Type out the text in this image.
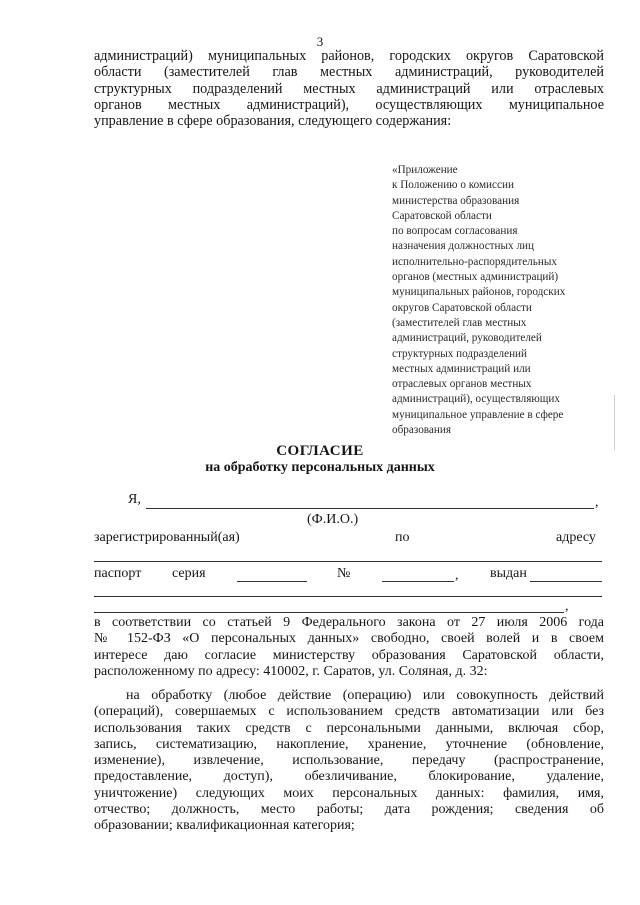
3
администраций) муниципальных районов, городских округов Саратовской
области (заместителей глав местных администраций, руководителей
структурных подразделений местных администраций или отраслевых
органов местных администраций), осуществляющих муниципальное
управление в сфере образования, следующего содержания:
«Приложение
к Положению о комиссии
министерства образования
Саратовской области
по вопросам согласования
назначения должностных лиц
исполнительно-распорядительных
органов (местных администраций)
муниципальных районов, городских
округов Саратовской области
(заместителей глав местных
администраций, руководителей
структурных подразделений
местных администраций или
отраслевых органов местных
администраций), осуществляющих
муниципальное управление в сфере
образования
СОГЛАСИЕ
на обработку персональных данных
Я,	,
(Ф.И.О.)
зарегистрированный(ая)	по	адресу
паспорт серия	№	, выдан
,
в соответствии со статьей 9 Федерального закона от 27 июля 2006 года
№ 152-ФЗ «О персональных данных» свободно, своей волей и в своем
интересе даю согласие министерству образования Саратовской области,
расположенному по адресу: 410002, г. Саратов, ул. Соляная, д. 32:
на обработку (любое действие (операцию) или совокупность действий
(операций), совершаемых с использованием средств автоматизации или без
использования таких средств с персональными данными, включая сбор,
запись, систематизацию, накопление, хранение, уточнение (обновление,
изменение), извлечение, использование, передачу (распространение,
предоставление, доступ), обезличивание, блокирование, удаление,
уничтожение) следующих моих персональных данных: фамилия, имя,
отчество; должность, место работы; дата рождения; сведения об
образовании; квалификационная категория;
